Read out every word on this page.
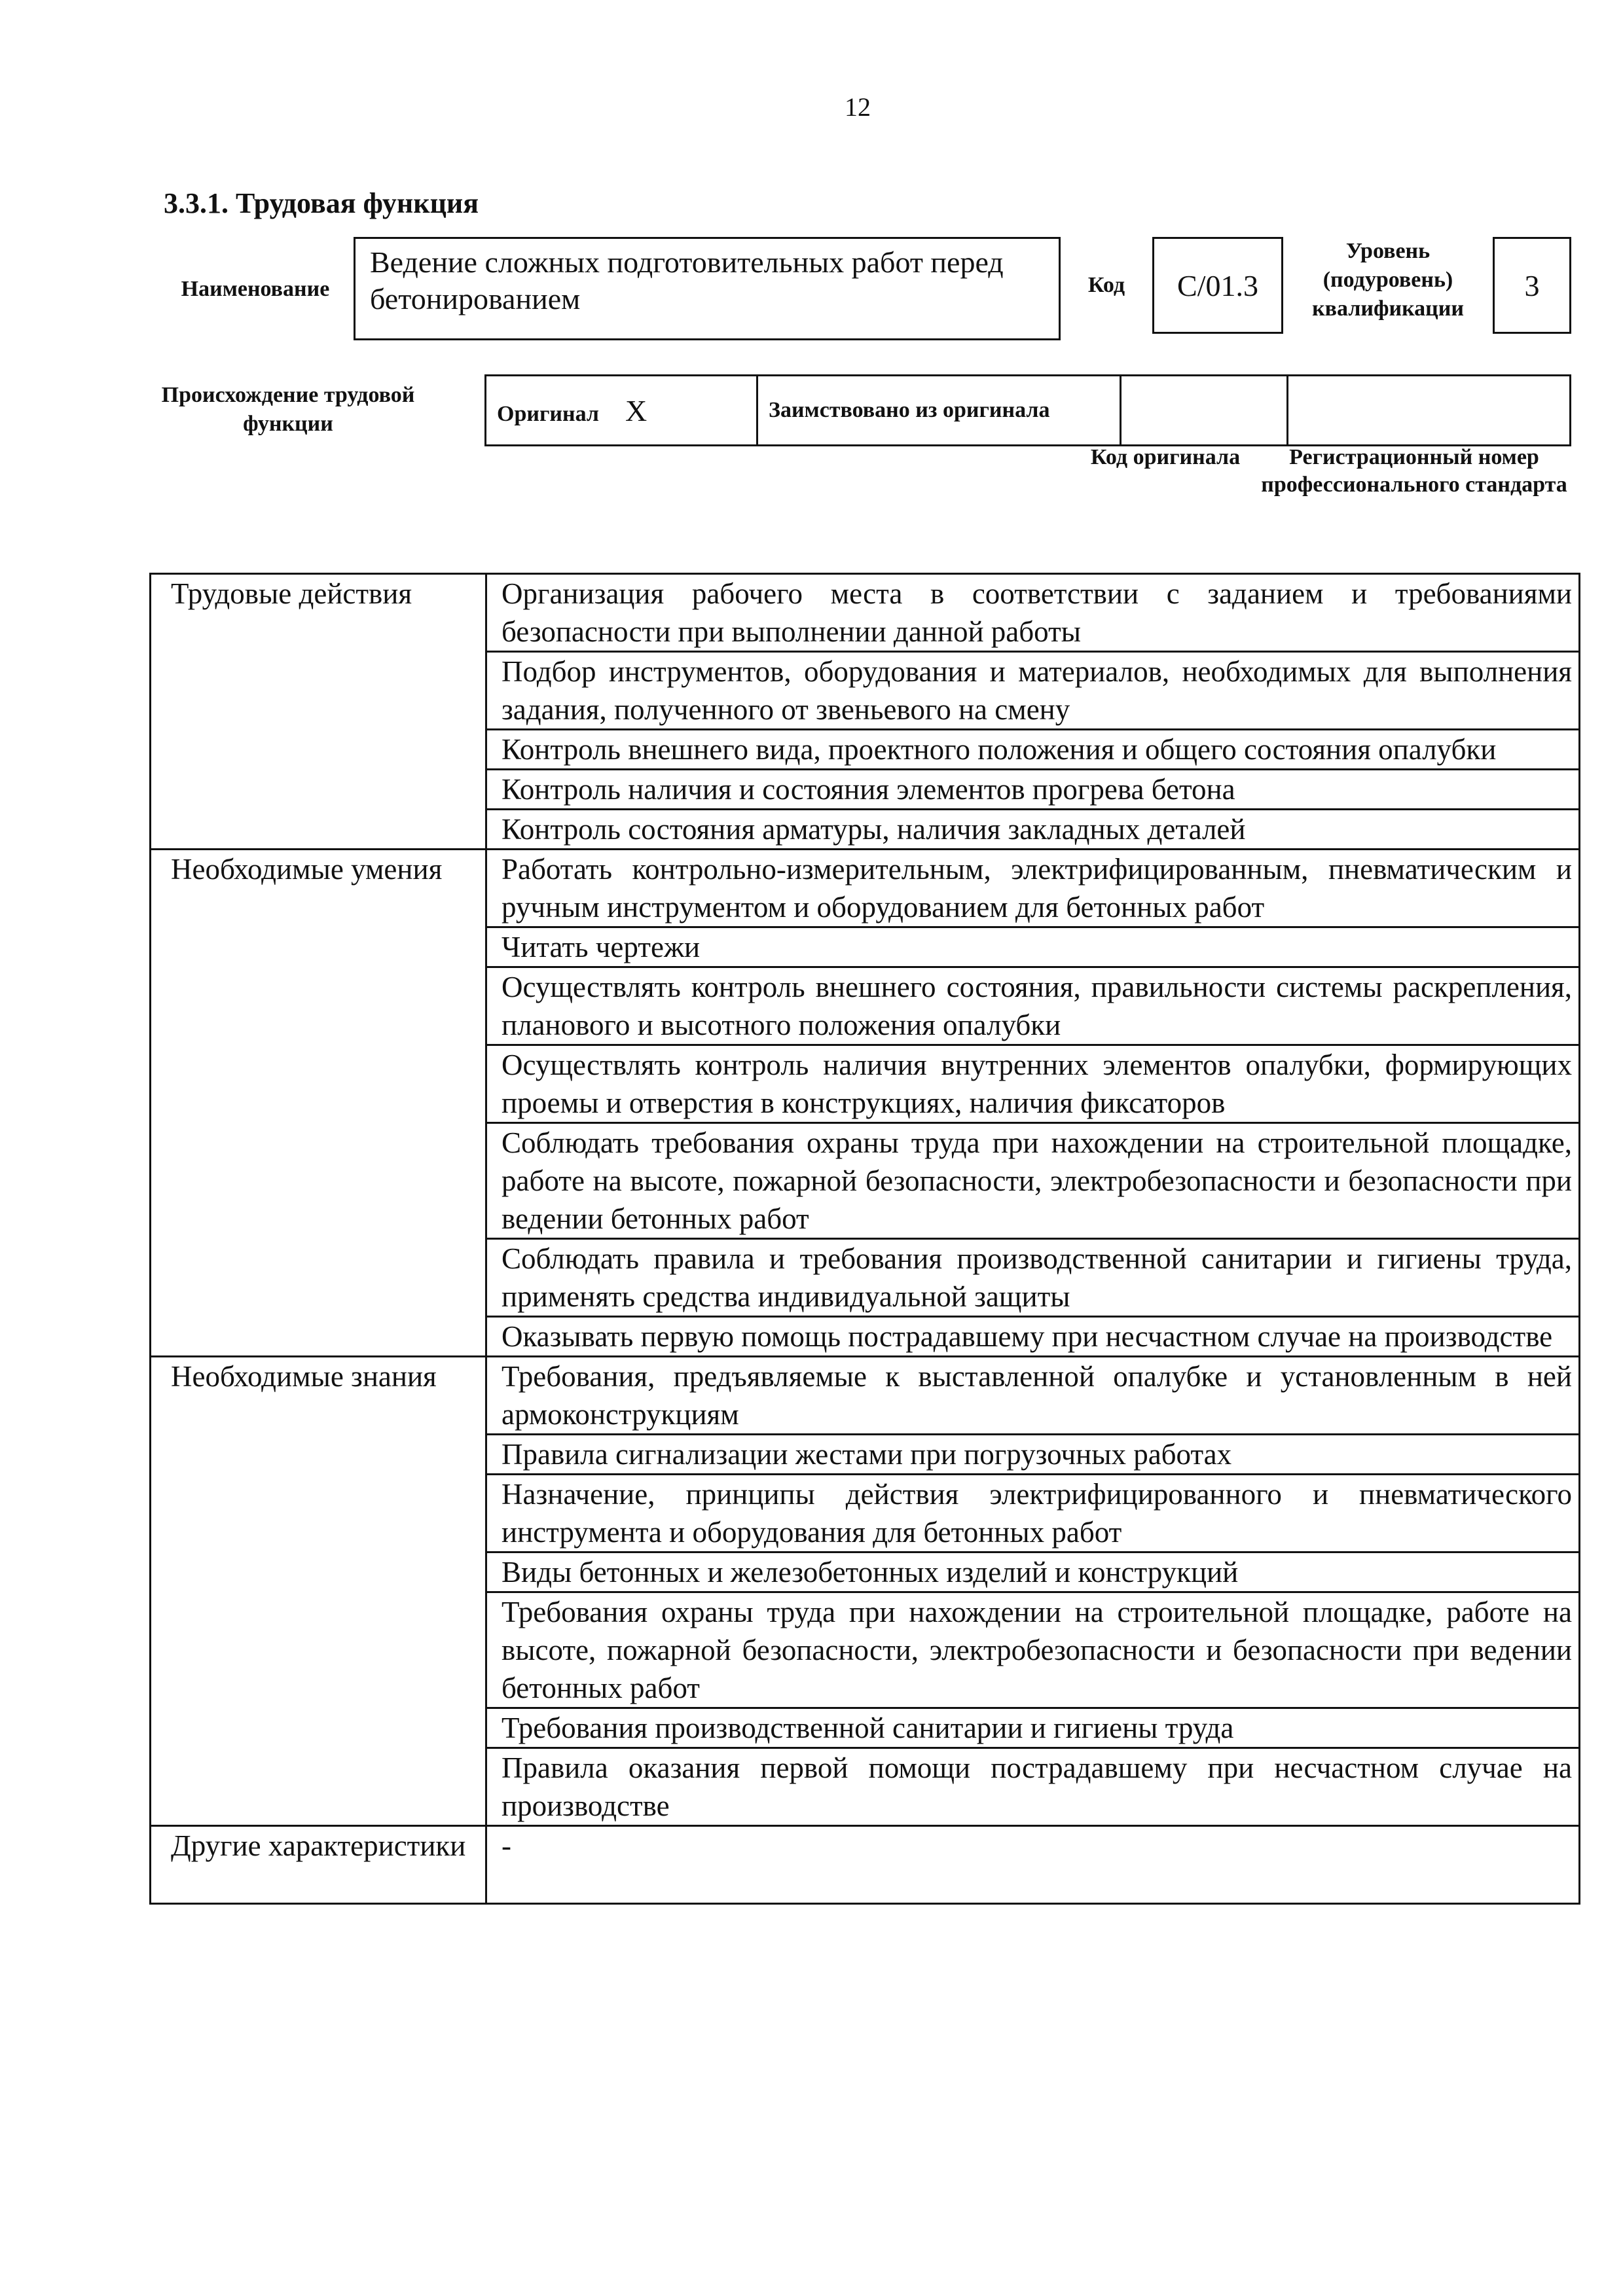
12
3.3.1. Трудовая функция
Наименование
Ведение сложных подготовительных работ перед бетонированием	Код	С/01.3
Уровень (подуровень) квалификации
3
Происхождение трудовой функции	Оригинал Х	Заимствовано из оригинала		
Код оригинала	Регистрационный номер профессионального стандарта
Трудовые действия	Организация рабочего места в соответствии с заданием и требованиями безопасности при выполнении данной работы
	Подбор инструментов, оборудования и материалов, необходимых для выполнения задания, полученного от звеньевого на смену
	Контроль внешнего вида, проектного положения и общего состояния опалубки
	Контроль наличия и состояния элементов прогрева бетона
	Контроль состояния арматуры, наличия закладных деталей
Необходимые умения	Работать контрольно-измерительным, электрифицированным, пневматическим и ручным инструментом и оборудованием для бетонных работ
	Читать чертежи
	Осуществлять контроль внешнего состояния, правильности системы раскрепления, планового и высотного положения опалубки
	Осуществлять контроль наличия внутренних элементов опалубки, формирующих проемы и отверстия в конструкциях, наличия фиксаторов
	Соблюдать требования охраны труда при нахождении на строительной площадке, работе на высоте, пожарной безопасности, электробезопасности и безопасности при ведении бетонных работ
	Соблюдать правила и требования производственной санитарии и гигиены труда, применять средства индивидуальной защиты
	Оказывать первую помощь пострадавшему при несчастном случае на производстве
Необходимые знания	Требования, предъявляемые к выставленной опалубке и установленным в ней армоконструкциям
	Правила сигнализации жестами при погрузочных работах
	Назначение, принципы действия электрифицированного и пневматического инструмента и оборудования для бетонных работ
	Виды бетонных и железобетонных изделий и конструкций
	Требования охраны труда при нахождении на строительной площадке, работе на высоте, пожарной безопасности, электробезопасности и безопасности при ведении бетонных работ
	Требования производственной санитарии и гигиены труда
	Правила оказания первой помощи пострадавшему при несчастном случае на производстве
Другие характеристики	-
